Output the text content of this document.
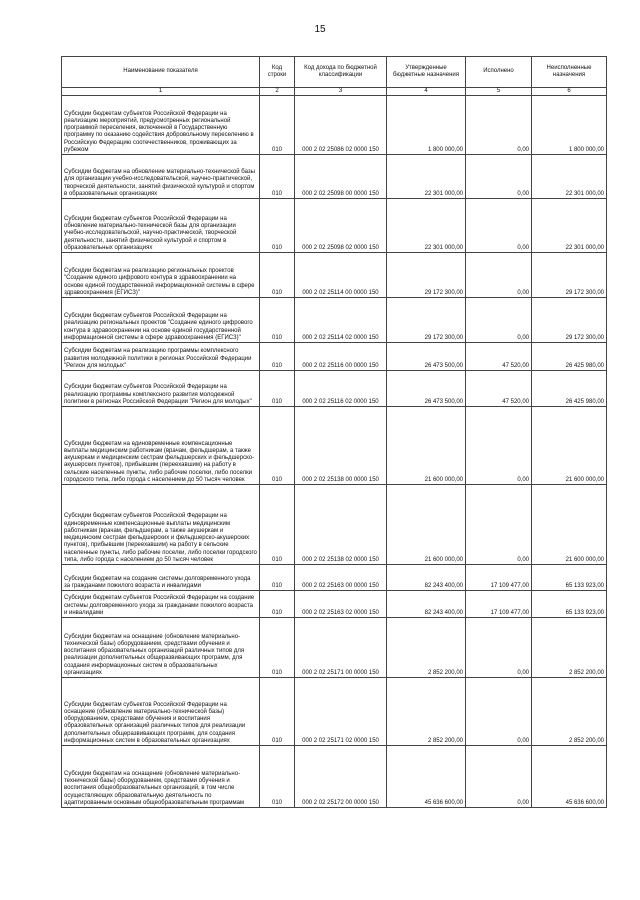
15
Наименование показателя	Код строки	Код дохода по бюджетной классификации	Утвержденные бюджетные назначения	Исполнено	Неисполненные назначения
1	2	3	4	5	6
Субсидии бюджетам субъектов Российской Федерации на реализацию мероприятий, предусмотренных региональной программой переселения, включенной в Государственную программу по оказанию содействия добровольному переселению в Российскую Федерацию соотечественников, проживающих за рубежом	010	000 2 02 25086 02 0000 150	1 800 000,00	0,00	1 800 000,00
Субсидии бюджетам на обновление материально-технической базы для организации учебно-исследовательской, научно-практической, творческой деятельности, занятий физической культурой и спортом в образовательных организациях	010	000 2 02 25098 00 0000 150	22 301 000,00	0,00	22 301 000,00
Субсидии бюджетам субъектов Российской Федерации на обновление материально-технической базы для организации учебно-исследовательской, научно-практической, творческой деятельности, занятий физической культурой и спортом в образовательных организациях	010	000 2 02 25098 02 0000 150	22 301 000,00	0,00	22 301 000,00
Субсидии бюджетам на реализацию региональных проектов "Создание единого цифрового контура в здравоохранении на основе единой государственной информационной системы в сфере здравоохранения (ЕГИСЗ)"	010	000 2 02 25114 00 0000 150	29 172 300,00	0,00	29 172 300,00
Субсидии бюджетам субъектов Российской Федерации на реализацию региональных проектов "Создание единого цифрового контура в здравоохранении на основе единой государственной информационной системы в сфере здравоохранения (ЕГИСЗ)"	010	000 2 02 25114 02 0000 150	29 172 300,00	0,00	29 172 300,00
Субсидии бюджетам на реализацию программы комплексного развития молодежной политики в регионах Российской Федерации "Регион для молодых"	010	000 2 02 25116 00 0000 150	26 473 500,00	47 520,00	26 425 980,00
Субсидии бюджетам субъектов Российской Федерации на реализацию программы комплексного развития молодежной политики в регионах Российской Федерации "Регион для молодых"	010	000 2 02 25116 02 0000 150	26 473 500,00	47 520,00	26 425 980,00
Субсидии бюджетам на единовременные компенсационные выплаты медицинским работникам (врачам, фельдшерам, а также акушеркам и медицинским сестрам фельдшерских и фельдшерско-акушерских пунктов), прибывшим (переехавшим) на работу в сельские населенные пункты, либо рабочие поселки, либо поселки городского типа, либо города с населением до 50 тысяч человек	010	000 2 02 25138 00 0000 150	21 600 000,00	0,00	21 600 000,00
Субсидии бюджетам субъектов Российской Федерации на единовременные компенсационные выплаты медицинским работникам (врачам, фельдшерам, а также акушеркам и медицинским сестрам фельдшерских и фельдшерско-акушерских пунктов), прибывшим (переехавшим) на работу в сельские населенные пункты, либо рабочие поселки, либо поселки городского типа, либо города с населением до 50 тысяч человек	010	000 2 02 25138 02 0000 150	21 600 000,00	0,00	21 600 000,00
Субсидии бюджетам на создание системы долговременного ухода за гражданами пожилого возраста и инвалидами	010	000 2 02 25163 00 0000 150	82 243 400,00	17 109 477,00	65 133 923,00
Субсидии бюджетам субъектов Российской Федерации на создание системы долговременного ухода за гражданами пожилого возраста и инвалидами	010	000 2 02 25163 02 0000 150	82 243 400,00	17 109 477,00	65 133 923,00
Субсидии бюджетам на оснащение (обновление материально-технической базы) оборудованием, средствами обучения и воспитания образовательных организаций различных типов для реализации дополнительных общеразвивающих программ, для создания информационных систем в образовательных организациях	010	000 2 02 25171 00 0000 150	2 852 200,00	0,00	2 852 200,00
Субсидии бюджетам субъектов Российской Федерации на оснащение (обновление материально-технической базы) оборудованием, средствами обучения и воспитания образовательных организаций различных типов для реализации дополнительных общеразвивающих программ, для создания информационных систем в образовательных организациях	010	000 2 02 25171 02 0000 150	2 852 200,00	0,00	2 852 200,00
Субсидии бюджетам на оснащение (обновление материально-технической базы) оборудованием, средствами обучения и воспитания общеобразовательных организаций, в том числе осуществляющих образовательную деятельность по адаптированным основным общеобразовательным программам	010	000 2 02 25172 00 0000 150	45 636 600,00	0,00	45 636 600,00
